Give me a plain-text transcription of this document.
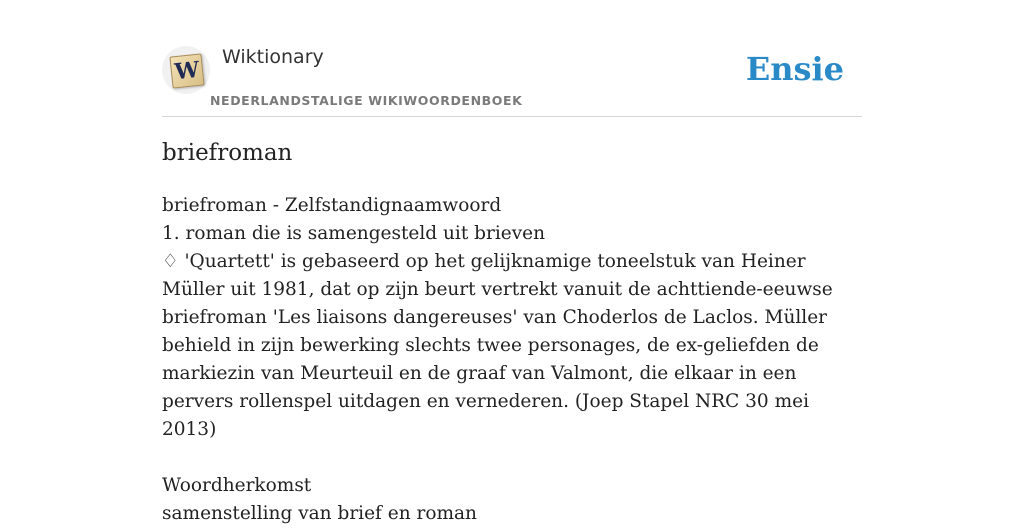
W Wiktionary
NEDERLANDSTALIGE WIKIWOORDENBOEK
Ensie
briefroman

briefroman - Zelfstandignaamwoord

1. roman die is samengesteld uit brieven

♢ 'Quartett' is gebaseerd op het gelijknamige toneelstuk van Heiner Müller uit 1981, dat op zijn beurt vertrekt vanuit de achttiende-eeuwse briefroman 'Les liaisons dangereuses' van Choderlos de Laclos. Müller behield in zijn bewerking slechts twee personages, de ex-geliefden de markiezin van Meurteuil en de graaf van Valmont, die elkaar in een pervers rollenspel uitdagen en vernederen. (Joep Stapel NRC 30 mei 2013)

Woordherkomst

samenstelling van brief en roman
